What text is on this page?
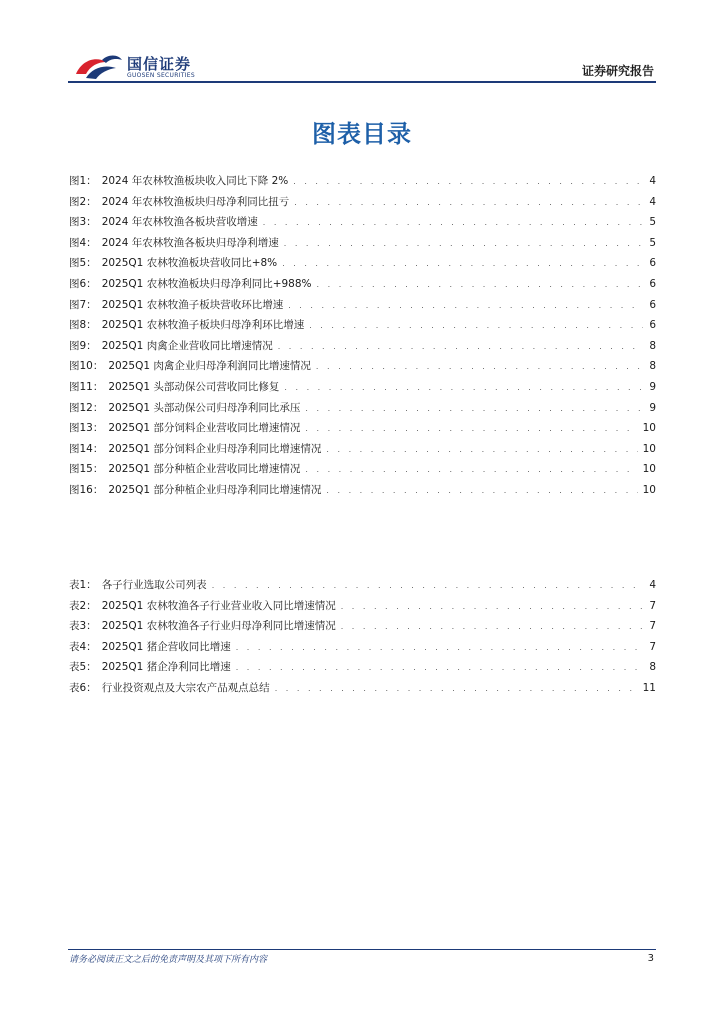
国信证券
GUOSEN SECURITIES	证券研究报告
图表目录
图1： 2024 年农林牧渔板块收入同比下降 2% . . .	4
图2： 2024 年农林牧渔板块归母净利同比扭亏 . . .	4
图3： 2024 年农林牧渔各板块营收增速 . . .	5
图4： 2024 年农林牧渔各板块归母净利增速 . . .	5
图5： 2025Q1 农林牧渔板块营收同比+8% . . .	6
图6： 2025Q1 农林牧渔板块归母净利同比+988% . . .	6
图7： 2025Q1 农林牧渔子板块营收环比增速 . . .	6
图8： 2025Q1 农林牧渔子板块归母净利环比增速 . . .	6
图9： 2025Q1 肉禽企业营收同比增速情况 . . .	8
图10： 2025Q1 肉禽企业归母净利润同比增速情况 . . .	8
图11： 2025Q1 头部动保公司营收同比修复 . . .	9
图12： 2025Q1 头部动保公司归母净利同比承压 . . .	9
图13： 2025Q1 部分饲料企业营收同比增速情况 . . .	10
图14： 2025Q1 部分饲料企业归母净利同比增速情况 . . .	10
图15： 2025Q1 部分种植企业营收同比增速情况 . . .	10
图16： 2025Q1 部分种植企业归母净利同比增速情况 . . .	10
表1： 各子行业选取公司列表 . . .	4
表2： 2025Q1 农林牧渔各子行业营业收入同比增速情况 . . .	7
表3： 2025Q1 农林牧渔各子行业归母净利同比增速情况 . . .	7
表4： 2025Q1 猪企营收同比增速 . . .	7
表5： 2025Q1 猪企净利同比增速 . . .	8
表6： 行业投资观点及大宗农产品观点总结 . . .	11
请务必阅读正文之后的免责声明及其项下所有内容	3
